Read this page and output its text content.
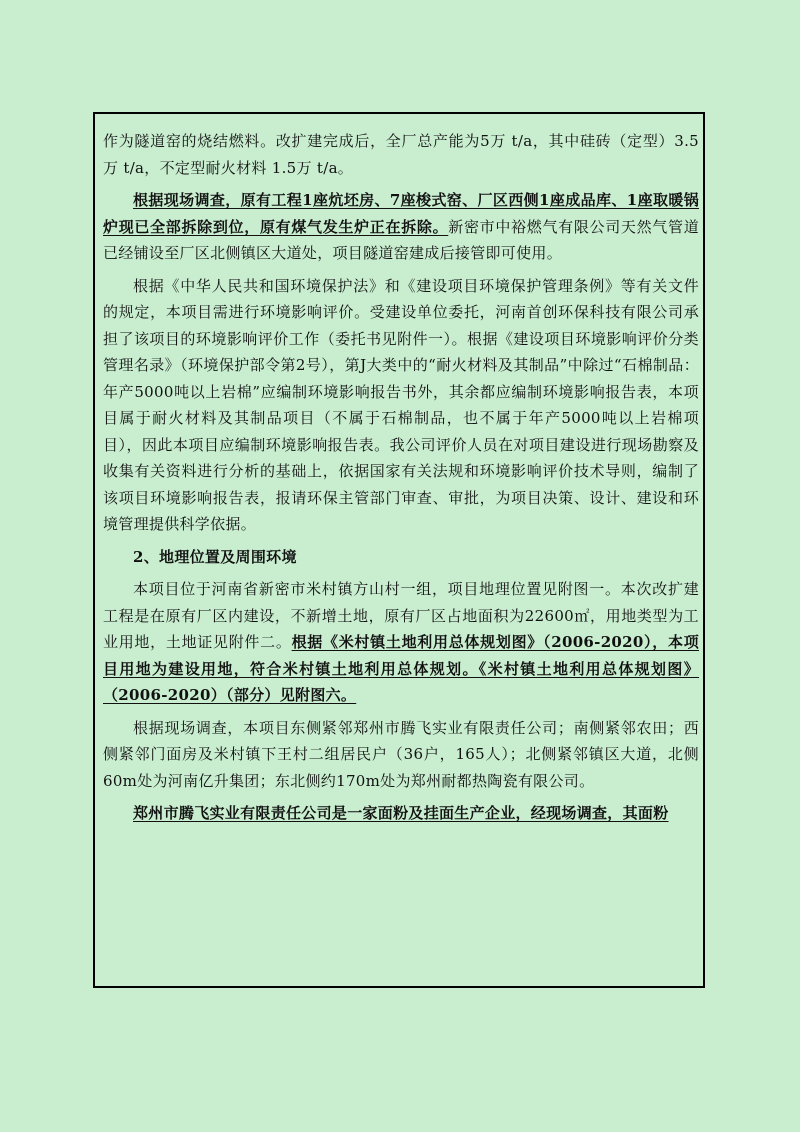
作为隧道窑的烧结燃料。改扩建完成后，全厂总产能为5万 t/a，其中硅砖（定型）3.5万 t/a，不定型耐火材料 1.5万 t/a。

根据现场调查，原有工程1座炕坯房、7座梭式窑、厂区西侧1座成品库、1座取暖锅炉现已全部拆除到位，原有煤气发生炉正在拆除。新密市中裕燃气有限公司天然气管道已经铺设至厂区北侧镇区大道处，项目隧道窑建成后接管即可使用。

根据《中华人民共和国环境保护法》和《建设项目环境保护管理条例》等有关文件的规定，本项目需进行环境影响评价。受建设单位委托，河南首创环保科技有限公司承担了该项目的环境影响评价工作（委托书见附件一）。根据《建设项目环境影响评价分类管理名录》（环境保护部令第2号），第J大类中的“耐火材料及其制品”中除过“石棉制品：年产5000吨以上岩棉”应编制环境影响报告书外，其余都应编制环境影响报告表，本项目属于耐火材料及其制品项目（不属于石棉制品，也不属于年产5000吨以上岩棉项目），因此本项目应编制环境影响报告表。我公司评价人员在对项目建设进行现场勘察及收集有关资料进行分析的基础上，依据国家有关法规和环境影响评价技术导则，编制了该项目环境影响报告表，报请环保主管部门审查、审批，为项目决策、设计、建设和环境管理提供科学依据。

2、地理位置及周围环境

本项目位于河南省新密市米村镇方山村一组，项目地理位置见附图一。本次改扩建工程是在原有厂区内建设，不新增土地，原有厂区占地面积为22600㎡，用地类型为工业用地，土地证见附件二。根据《米村镇土地利用总体规划图》（2006-2020），本项目用地为建设用地，符合米村镇土地利用总体规划。《米村镇土地利用总体规划图》（2006-2020）（部分）见附图六。

根据现场调查，本项目东侧紧邻郑州市腾飞实业有限责任公司；南侧紧邻农田；西侧紧邻门面房及米村镇下王村二组居民户（36户，165人）；北侧紧邻镇区大道，北侧60m处为河南亿升集团；东北侧约170m处为郑州耐都热陶瓷有限公司。

郑州市腾飞实业有限责任公司是一家面粉及挂面生产企业，经现场调查，其面粉
